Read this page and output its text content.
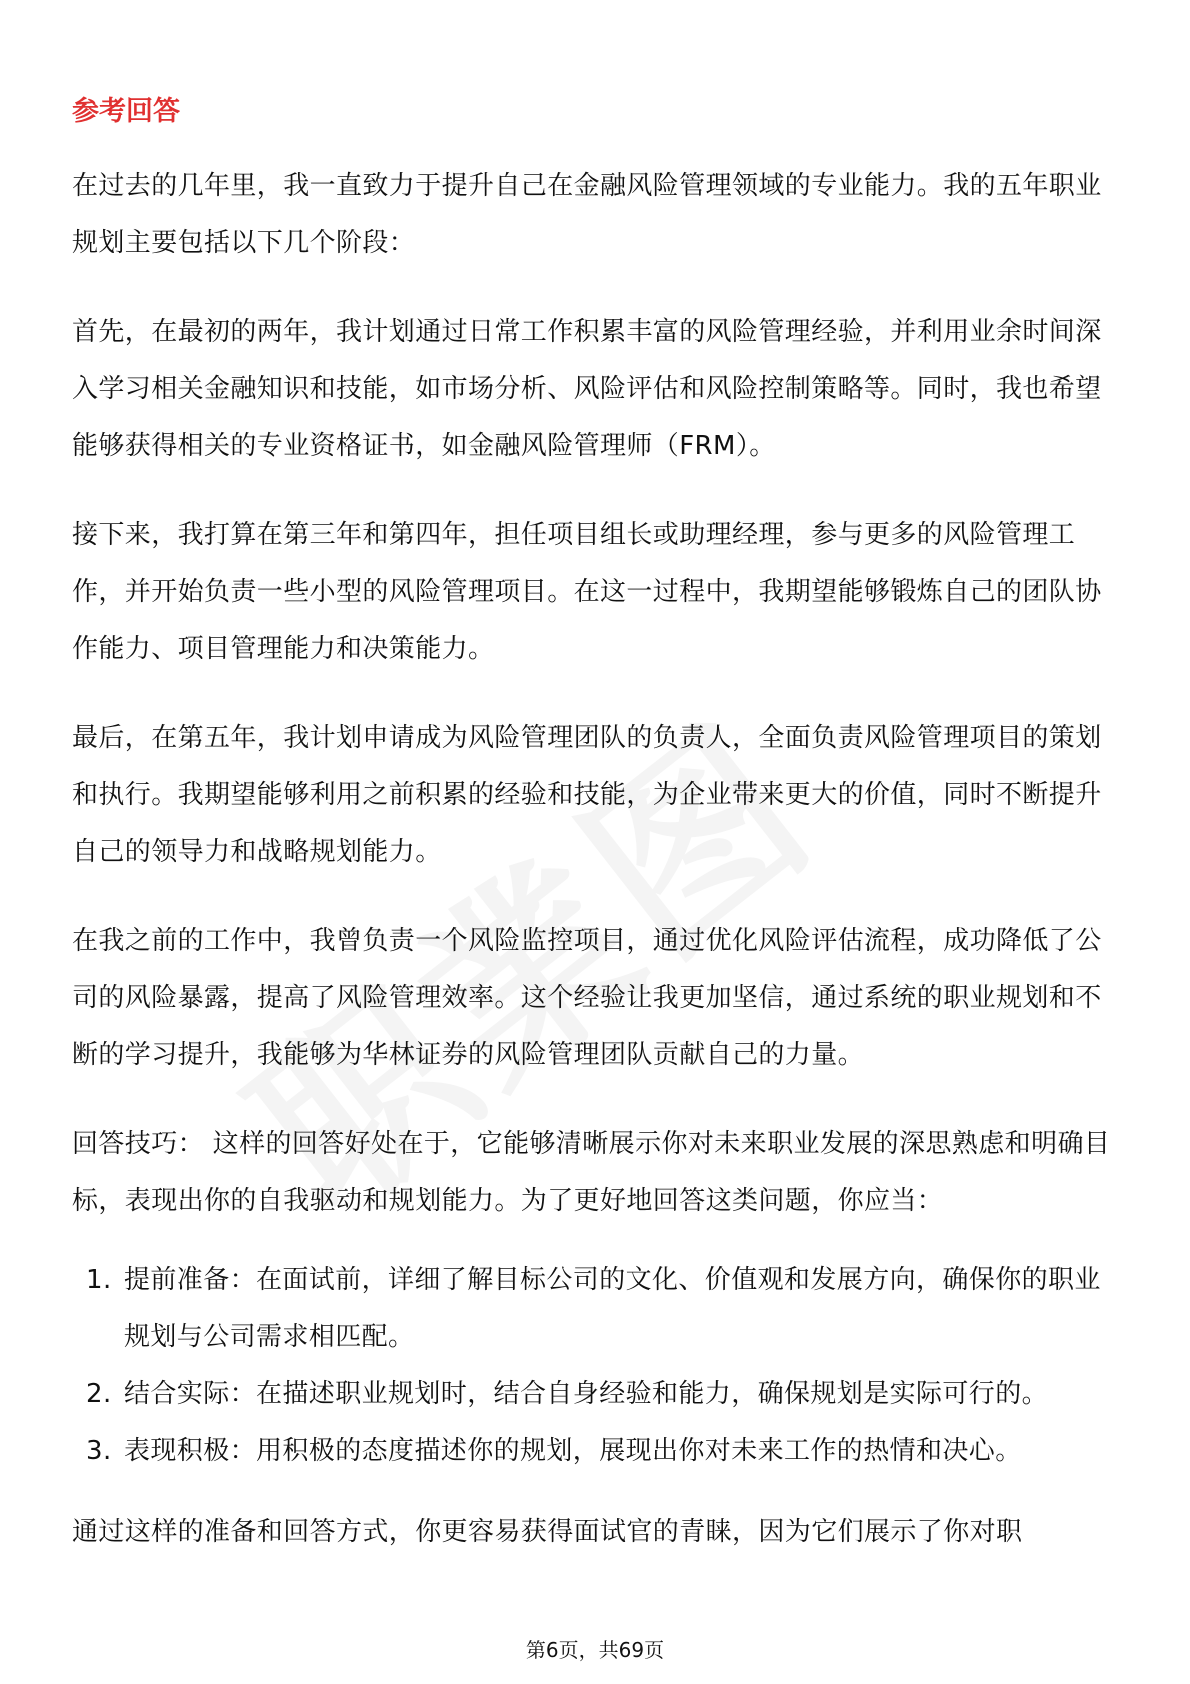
参考回答

在过去的几年里，我一直致力于提升自己在金融风险管理领域的专业能力。我的五年职业规划主要包括以下几个阶段：

首先，在最初的两年，我计划通过日常工作积累丰富的风险管理经验，并利用业余时间深入学习相关金融知识和技能，如市场分析、风险评估和风险控制策略等。同时，我也希望能够获得相关的专业资格证书，如金融风险管理师（FRM）。

接下来，我打算在第三年和第四年，担任项目组长或助理经理，参与更多的风险管理工作，并开始负责一些小型的风险管理项目。在这一过程中，我期望能够锻炼自己的团队协作能力、项目管理能力和决策能力。

最后，在第五年，我计划申请成为风险管理团队的负责人，全面负责风险管理项目的策划和执行。我期望能够利用之前积累的经验和技能，为企业带来更大的价值，同时不断提升自己的领导力和战略规划能力。

在我之前的工作中，我曾负责一个风险监控项目，通过优化风险评估流程，成功降低了公司的风险暴露，提高了风险管理效率。这个经验让我更加坚信，通过系统的职业规划和不断的学习提升，我能够为华林证券的风险管理团队贡献自己的力量。

回答技巧： 这样的回答好处在于，它能够清晰展示你对未来职业发展的深思熟虑和明确目标，表现出你的自我驱动和规划能力。为了更好地回答这类问题，你应当：

1. 提前准备：在面试前，详细了解目标公司的文化、价值观和发展方向，确保你的职业规划与公司需求相匹配。
2. 结合实际：在描述职业规划时，结合自身经验和能力，确保规划是实际可行的。
3. 表现积极：用积极的态度描述你的规划，展现出你对未来工作的热情和决心。

通过这样的准备和回答方式，你更容易获得面试官的青睐，因为它们展示了你对职

第6页，共69页
